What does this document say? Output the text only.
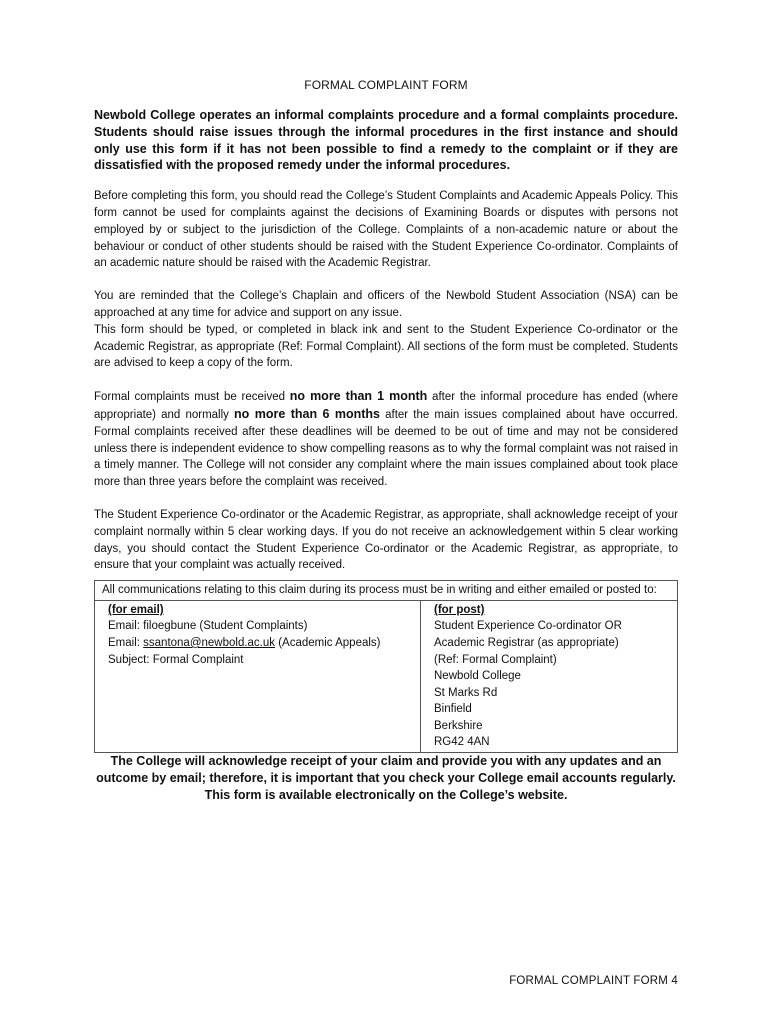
FORMAL COMPLAINT FORM
Newbold College operates an informal complaints procedure and a formal complaints procedure. Students should raise issues through the informal procedures in the first instance and should only use this form if it has not been possible to find a remedy to the complaint or if they are dissatisfied with the proposed remedy under the informal procedures.

Before completing this form, you should read the College’s Student Complaints and Academic Appeals Policy. This form cannot be used for complaints against the decisions of Examining Boards or disputes with persons not employed by or subject to the jurisdiction of the College. Complaints of a non-academic nature or about the behaviour or conduct of other students should be raised with the Student Experience Co-ordinator. Complaints of an academic nature should be raised with the Academic Registrar.

You are reminded that the College’s Chaplain and officers of the Newbold Student Association (NSA) can be approached at any time for advice and support on any issue.

This form should be typed, or completed in black ink and sent to the Student Experience Co-ordinator or the Academic Registrar, as appropriate (Ref: Formal Complaint). All sections of the form must be completed. Students are advised to keep a copy of the form.

Formal complaints must be received no more than 1 month after the informal procedure has ended (where appropriate) and normally no more than 6 months after the main issues complained about have occurred. Formal complaints received after these deadlines will be deemed to be out of time and may not be considered unless there is independent evidence to show compelling reasons as to why the formal complaint was not raised in a timely manner. The College will not consider any complaint where the main issues complained about took place more than three years before the complaint was received.

The Student Experience Co-ordinator or the Academic Registrar, as appropriate, shall acknowledge receipt of your complaint normally within 5 clear working days. If you do not receive an acknowledgement within 5 clear working days, you should contact the Student Experience Co-ordinator or the Academic Registrar, as appropriate, to ensure that your complaint was actually received.

All communications relating to this claim during its process must be in writing and either emailed or posted to:

(for email)
Email: filoegbune (Student Complaints)
Email: ssantona@newbold.ac.uk (Academic Appeals)
Subject: Formal Complaint

(for post)
Student Experience Co-ordinator OR
Academic Registrar (as appropriate)
(Ref: Formal Complaint)
Newbold College
St Marks Rd
Binfield
Berkshire
RG42 4AN
The College will acknowledge receipt of your claim and provide you with any updates and an outcome by email; therefore, it is important that you check your College email accounts regularly. This form is available electronically on the College’s website.
FORMAL COMPLAINT FORM 4
